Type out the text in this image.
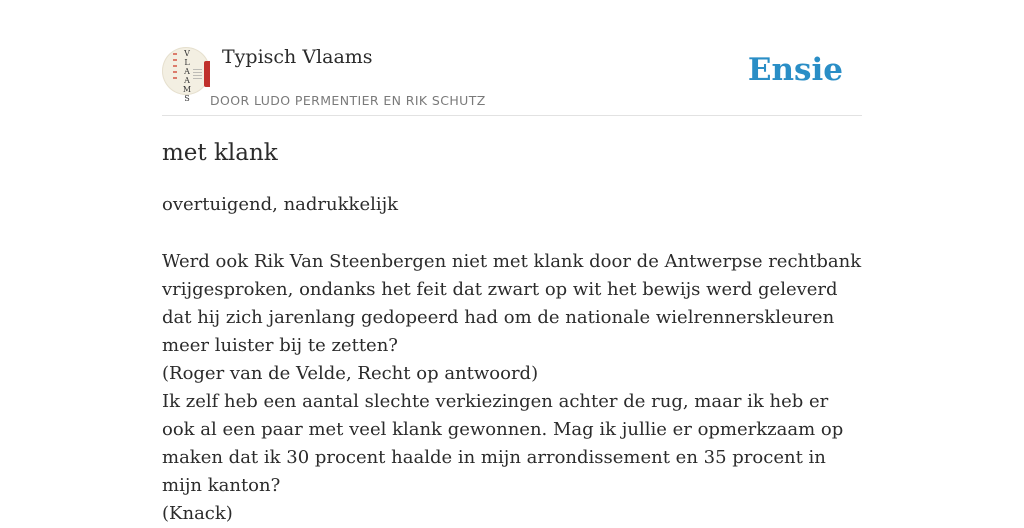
V
L
A
A
M
S
Typisch Vlaams
DOOR LUDO PERMENTIER EN RIK SCHUTZ
Ensie
met klank
overtuigend, nadrukkelijk

Werd ook Rik Van Steenbergen niet met klank door de Antwerpse rechtbank vrijgesproken, ondanks het feit dat zwart op wit het bewijs werd geleverd dat hij zich jarenlang gedopeerd had om de nationale wielrennerskleuren meer luister bij te zetten?

(Roger van de Velde, Recht op antwoord)

Ik zelf heb een aantal slechte verkiezingen achter de rug, maar ik heb er ook al een paar met veel klank gewonnen. Mag ik jullie er opmerkzaam op maken dat ik 30 procent haalde in mijn arrondissement en 35 procent in mijn kanton?

(Knack)
